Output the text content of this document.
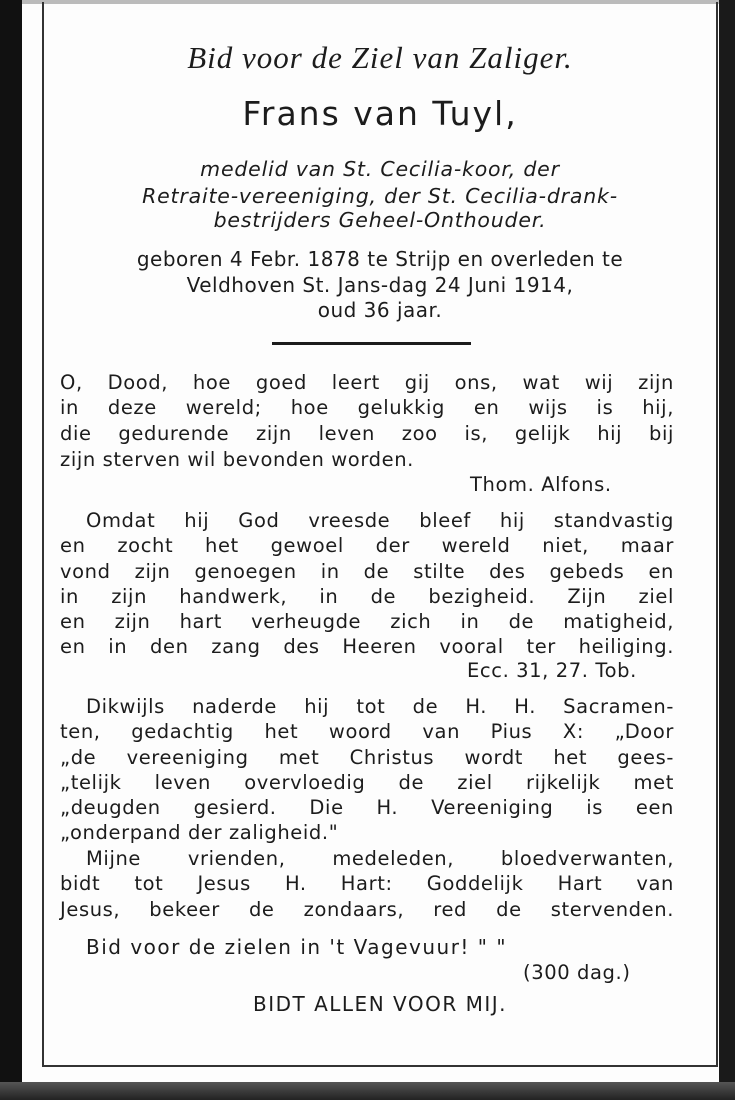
Bid voor de Ziel van Zaliger.
Frans van Tuyl,
medelid van St. Cecilia-koor, der
Retraite-vereeniging, der St. Cecilia-drank-
bestrijders Geheel-Onthouder.
geboren 4 Febr. 1878 te Strijp en overleden te
Veldhoven St. Jans-dag 24 Juni 1914,
oud 36 jaar.
O, Dood, hoe goed leert gij ons, wat wij zijn
in deze wereld; hoe gelukkig en wijs is hij,
die gedurende zijn leven zoo is, gelijk hij bij
zijn sterven wil bevonden worden.
Thom. Alfons.
Omdat hij God vreesde bleef hij standvastig
en zocht het gewoel der wereld niet, maar
vond zijn genoegen in de stilte des gebeds en
in zijn handwerk, in de bezigheid. Zijn ziel
en zijn hart verheugde zich in de matigheid,
en in den zang des Heeren vooral ter heiliging.
Ecc. 31, 27. Tob.
Dikwijls naderde hij tot de H. H. Sacramen-
ten, gedachtig het woord van Pius X: „Door
„de vereeniging met Christus wordt het gees-
„telijk leven overvloedig de ziel rijkelijk met
„deugden gesierd. Die H. Vereeniging is een
„onderpand der zaligheid."
Mijne vrienden, medeleden, bloedverwanten,
bidt tot Jesus H. Hart: Goddelijk Hart van
Jesus, bekeer de zondaars, red de stervenden.
Bid voor de zielen in 't Vagevuur! " "
(300 dag.)
BIDT ALLEN VOOR MIJ.
